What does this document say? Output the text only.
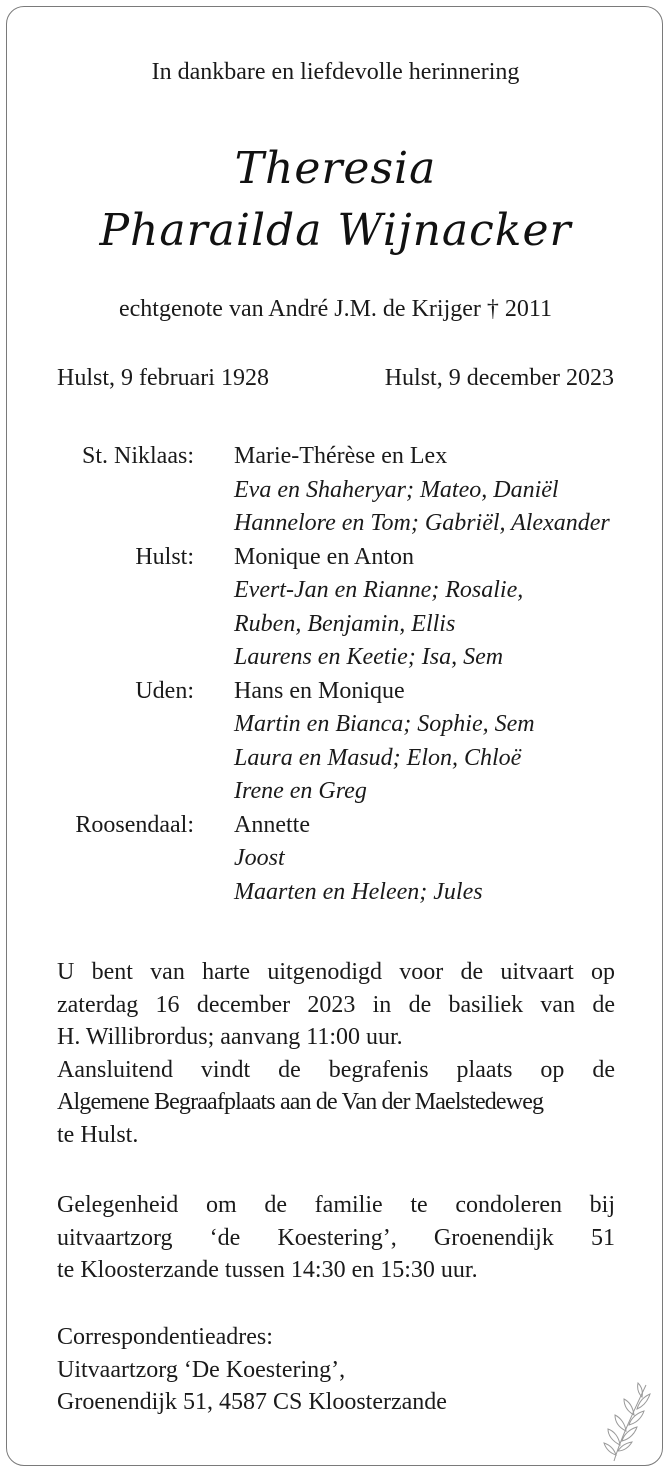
In dankbare en liefdevolle herinnering
Theresia
Pharailda Wijnacker
echtgenote van André J.M. de Krijger † 2011
Hulst, 9 februari 1928	Hulst, 9 december 2023
St. Niklaas: Marie-Thérèse en Lex
Eva en Shaheryar; Mateo, Daniël
Hannelore en Tom; Gabriël, Alexander
Hulst: Monique en Anton
Evert-Jan en Rianne; Rosalie,
Ruben, Benjamin, Ellis
Laurens en Keetie; Isa, Sem
Uden: Hans en Monique
Martin en Bianca; Sophie, Sem
Laura en Masud; Elon, Chloë
Irene en Greg
Roosendaal: Annette
Joost
Maarten en Heleen; Jules

U bent van harte uitgenodigd voor de uitvaart op

zaterdag 16 december 2023 in de basiliek van de

H. Willibrordus; aanvang 11:00 uur.

Aansluitend vindt de begrafenis plaats op de

Algemene Begraafplaats aan de Van der Maelstedeweg

te Hulst.

Gelegenheid om de familie te condoleren bij

uitvaartzorg ‘de Koestering’, Groenendijk 51

te Kloosterzande tussen 14:30 en 15:30 uur.

Correspondentieadres:
Uitvaartzorg ‘De Koestering’,
Groenendijk 51, 4587 CS Kloosterzande
